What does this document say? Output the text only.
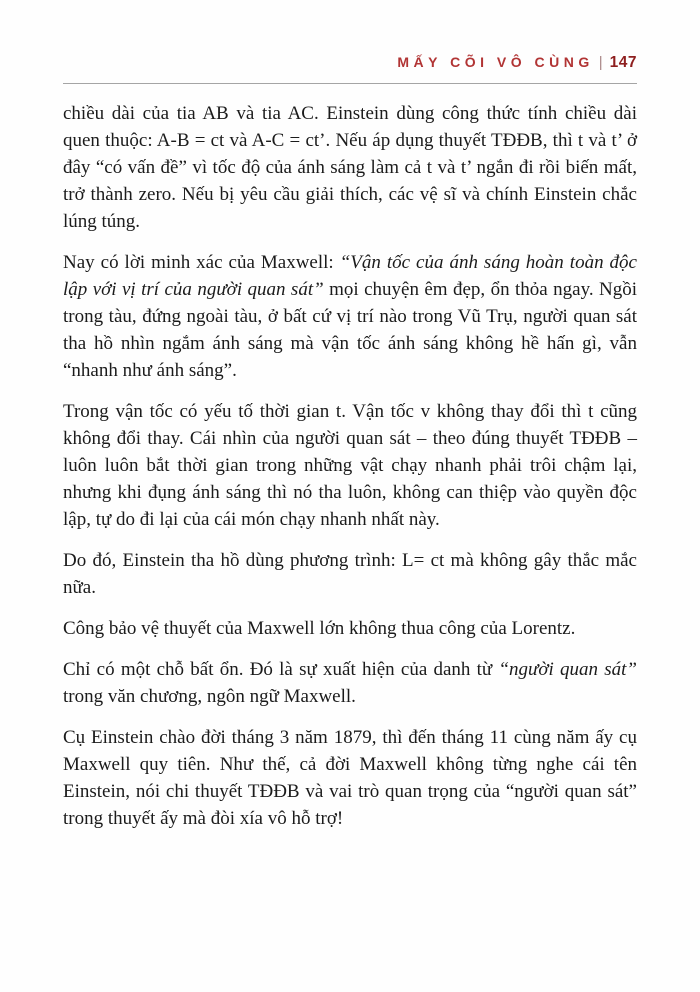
MẤY CÕI VÔ CÙNG | 147

chiều dài của tia AB và tia AC. Einstein dùng công thức tính chiều dài quen thuộc: A-B = ct và A-C = ct’. Nếu áp dụng thuyết TĐĐB, thì t và t’ ở đây “có vấn đề” vì tốc độ của ánh sáng làm cả t và t’ ngắn đi rồi biến mất, trở thành zero. Nếu bị yêu cầu giải thích, các vệ sĩ và chính Einstein chắc lúng túng.

Nay có lời minh xác của Maxwell: “Vận tốc của ánh sáng hoàn toàn độc lập với vị trí của người quan sát” mọi chuyện êm đẹp, ổn thỏa ngay. Ngồi trong tàu, đứng ngoài tàu, ở bất cứ vị trí nào trong Vũ Trụ, người quan sát tha hồ nhìn ngắm ánh sáng mà vận tốc ánh sáng không hề hấn gì, vẫn “nhanh như ánh sáng”.

Trong vận tốc có yếu tố thời gian t. Vận tốc v không thay đổi thì t cũng không đổi thay. Cái nhìn của người quan sát – theo đúng thuyết TĐĐB – luôn luôn bắt thời gian trong những vật chạy nhanh phải trôi chậm lại, nhưng khi đụng ánh sáng thì nó tha luôn, không can thiệp vào quyền độc lập, tự do đi lại của cái món chạy nhanh nhất này.

Do đó, Einstein tha hồ dùng phương trình: L= ct mà không gây thắc mắc nữa.

Công bảo vệ thuyết của Maxwell lớn không thua công của Lorentz.

Chỉ có một chỗ bất ổn. Đó là sự xuất hiện của danh từ “người quan sát” trong văn chương, ngôn ngữ Maxwell.

Cụ Einstein chào đời tháng 3 năm 1879, thì đến tháng 11 cùng năm ấy cụ Maxwell quy tiên. Như thế, cả đời Maxwell không từng nghe cái tên Einstein, nói chi thuyết TĐĐB và vai trò quan trọng của “người quan sát” trong thuyết ấy mà đòi xía vô hỗ trợ!
